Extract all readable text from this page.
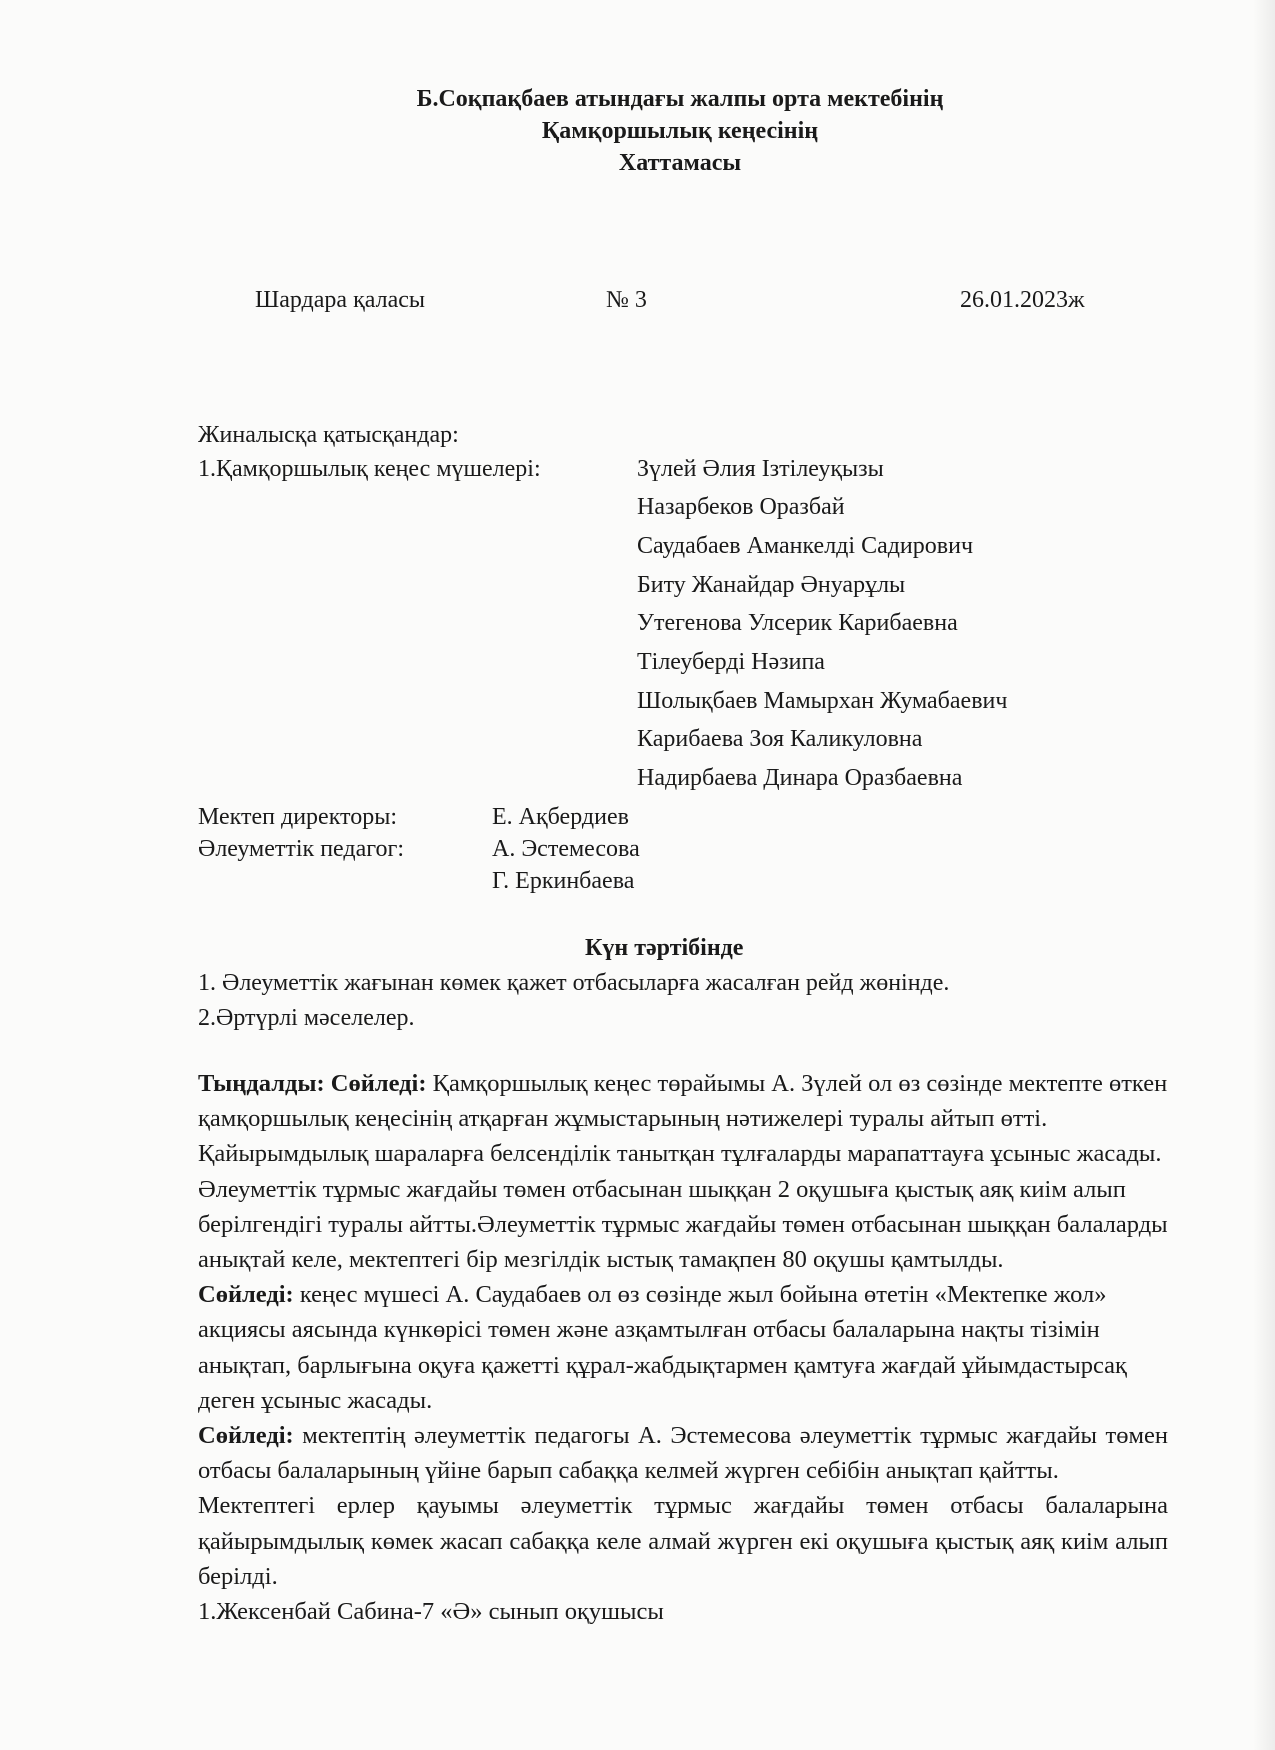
Б.Соқпақбаев атындағы жалпы орта мектебінің
Қамқоршылық кеңесінің
Хаттамасы
Шардара қаласы	№ 3	26.01.2023ж
Жиналысқа қатысқандар:
1.Қамқоршылық кеңес мүшелері:	Зүлей Әлия Ізтілеуқызы
Назарбеков Оразбай
Саудабаев Аманкелді Садирович
Биту Жанайдар Әнуарұлы
Утегенова Улсерик Карибаевна
Тілеуберді Нәзипа
Шолықбаев Мамырхан Жумабаевич
Карибаева Зоя Каликуловна
Надирбаева Динара Оразбаевна
Мектеп директоры:	Е. Ақбердиев
Әлеуметтік педагог:	А. Эстемесова
Г. Еркинбаева
Күн тәртібінде
1. Әлеуметтік жағынан көмек қажет отбасыларға жасалған рейд жөнінде.
2.Әртүрлі мәселелер.

Тыңдалды: Сөйледі: Қамқоршылық кеңес төрайымы А. Зүлей ол өз сөзінде мектепте өткен қамқоршылық кеңесінің атқарған жұмыстарының нәтижелері туралы айтып өтті. Қайырымдылық шараларға белсенділік танытқан тұлғаларды марапаттауға ұсыныс жасады.

Әлеуметтік тұрмыс жағдайы төмен отбасынан шыққан 2 оқушыға қыстық аяқ киім алып берілгендігі туралы айтты.Әлеуметтік тұрмыс жағдайы төмен отбасынан шыққан балаларды анықтай келе, мектептегі бір мезгілдік ыстық тамақпен 80 оқушы қамтылды.

Сөйледі: кеңес мүшесі А. Саудабаев ол өз сөзінде жыл бойына өтетін «Мектепке жол» акциясы аясында күнкөрісі төмен және азқамтылған отбасы балаларына нақты тізімін анықтап, барлығына оқуға қажетті құрал-жабдықтармен қамтуға жағдай ұйымдастырсақ деген ұсыныс жасады.

Сөйледі: мектептің әлеуметтік педагогы А. Эстемесова әлеуметтік тұрмыс жағдайы төмен отбасы балаларының үйіне барып сабаққа келмей жүрген себібін анықтап қайтты.

Мектептегі ерлер қауымы әлеуметтік тұрмыс жағдайы төмен отбасы балаларына қайырымдылық көмек жасап сабаққа келе алмай жүрген екі оқушыға қыстық аяқ киім алып берілді.

1.Жексенбай Сабина-7 «Ә» сынып оқушысы
